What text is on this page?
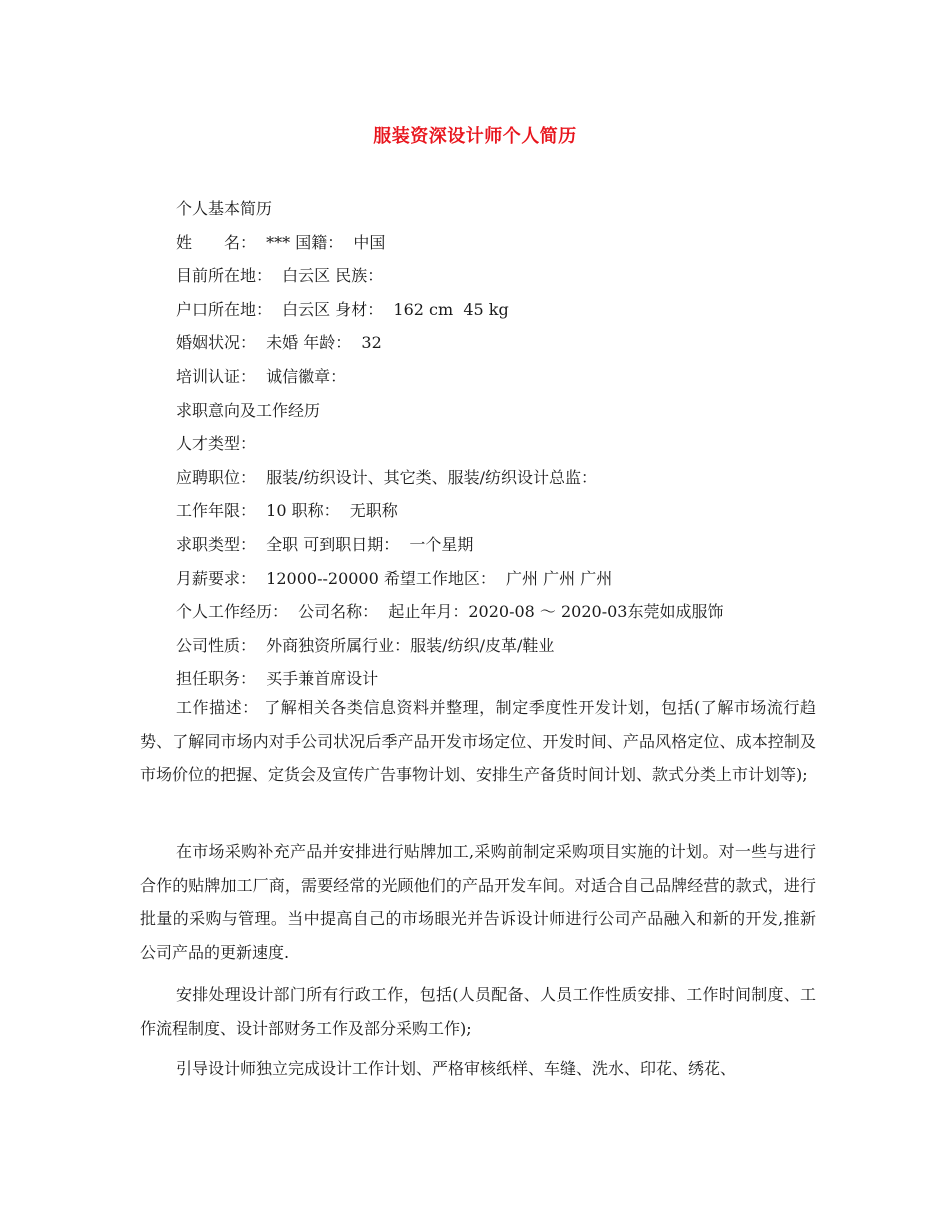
服装资深设计师个人简历
个人基本简历
姓　　名：  *** 国籍：  中国
目前所在地：  白云区 民族：
户口所在地：  白云区 身材：  162 cm  45 kg
婚姻状况：  未婚 年龄：  32
培训认证：  诚信徽章：
求职意向及工作经历
人才类型：
应聘职位：  服装/纺织设计、其它类、服装/纺织设计总监：
工作年限：  10 职称：  无职称
求职类型：  全职 可到职日期：  一个星期
月薪要求：  12000--20000 希望工作地区：  广州 广州 广州
个人工作经历：  公司名称：  起止年月：2020-08 ～ 2020-03东莞如成服饰
公司性质：  外商独资所属行业：服装/纺织/皮革/鞋业
担任职务：  买手兼首席设计

工作描述： 了解相关各类信息资料并整理，制定季度性开发计划，包括(了解市场流行趋势、了解同市场内对手公司状况后季产品开发市场定位、开发时间、产品风格定位、成本控制及市场价位的把握、定货会及宣传广告事物计划、安排生产备货时间计划、款式分类上市计划等);

在市场采购补充产品并安排进行贴牌加工,采购前制定采购项目实施的计划。对一些与进行合作的贴牌加工厂商，需要经常的光顾他们的产品开发车间。对适合自己品牌经营的款式，进行批量的采购与管理。当中提高自己的市场眼光并告诉设计师进行公司产品融入和新的开发,推新公司产品的更新速度.

安排处理设计部门所有行政工作，包括(人员配备、人员工作性质安排、工作时间制度、工作流程制度、设计部财务工作及部分采购工作);

引导设计师独立完成设计工作计划、严格审核纸样、车缝、洗水、印花、绣花、
